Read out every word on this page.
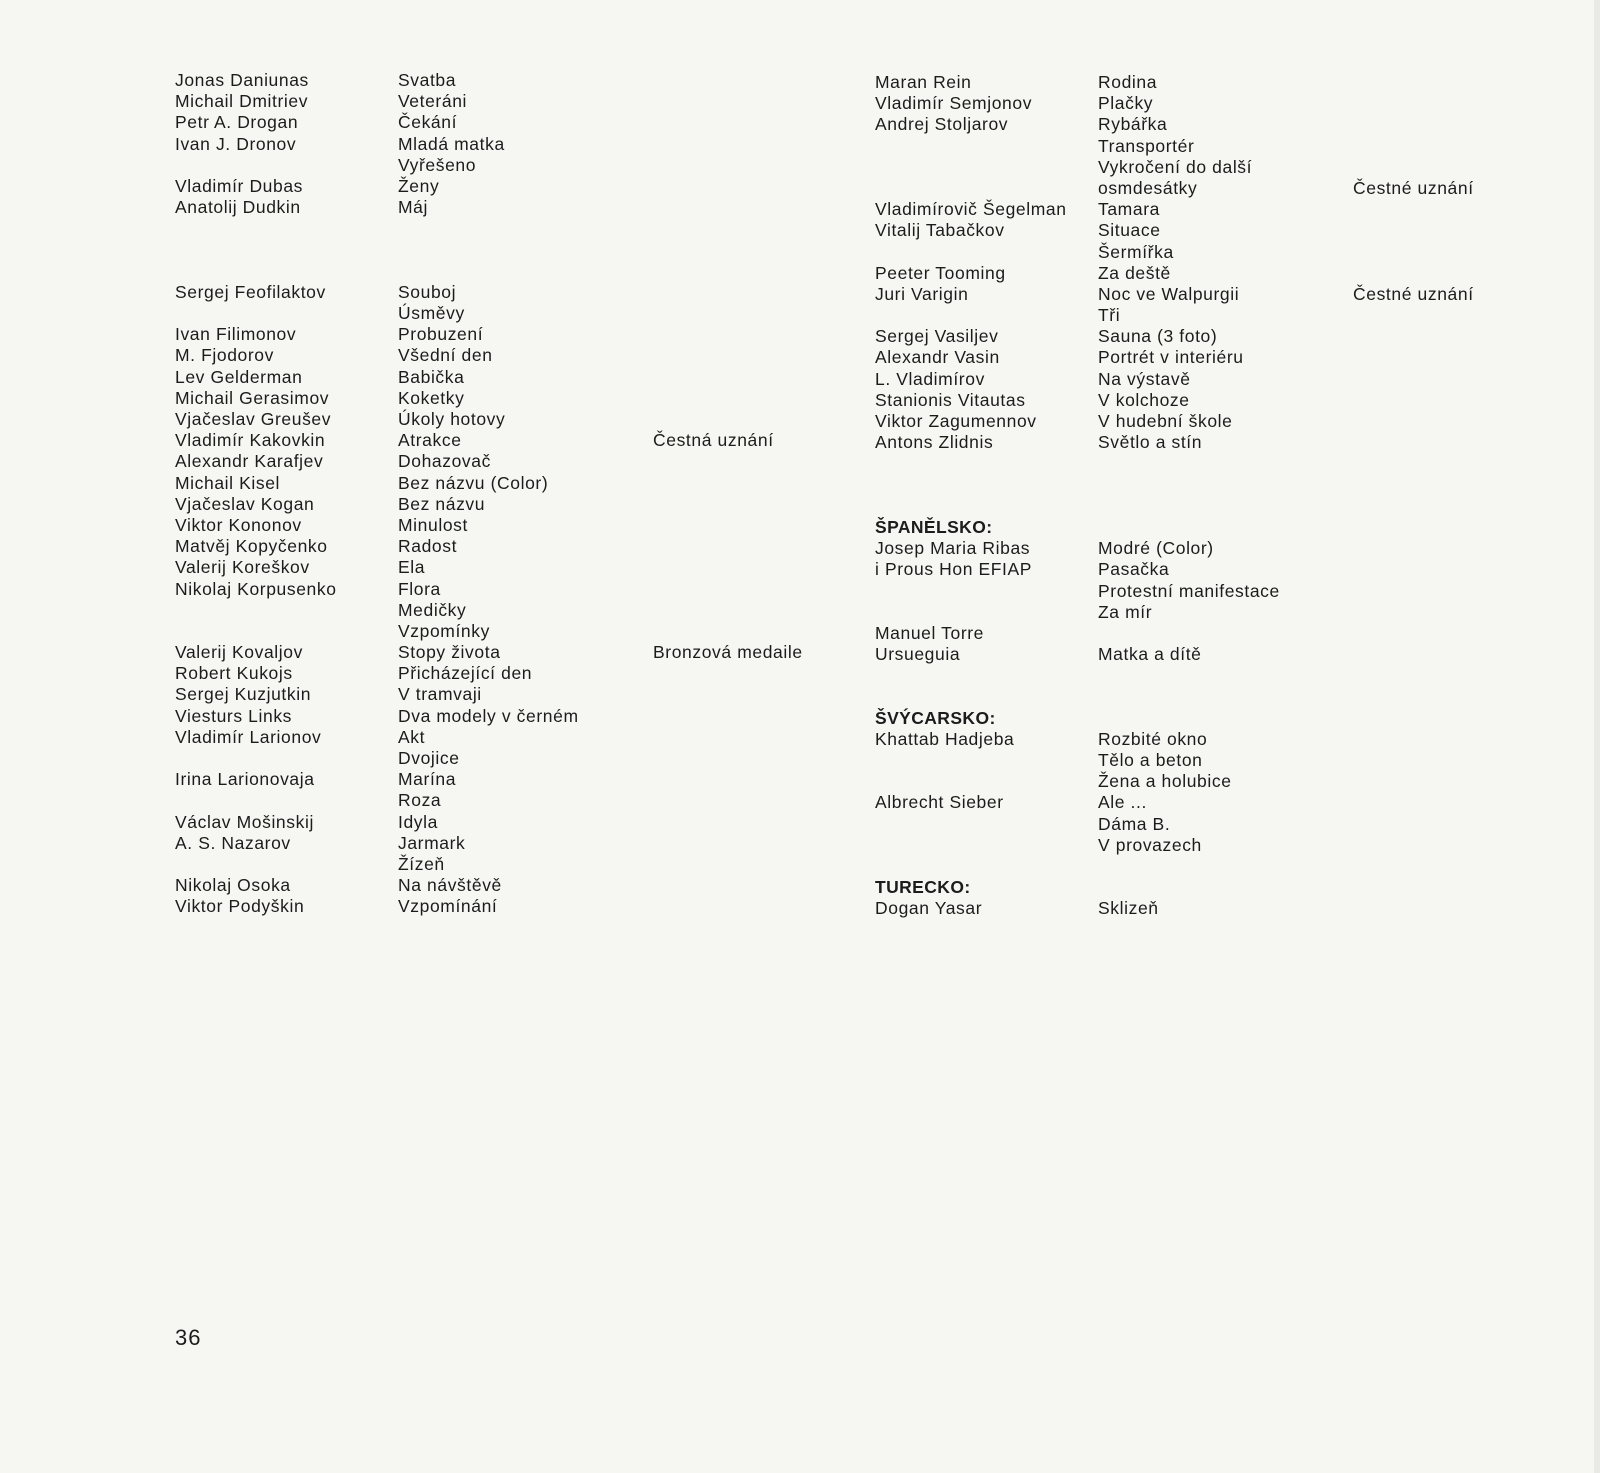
Jonas Daniunas
Michail Dmitriev
Petr A. Drogan
Ivan J. Dronov
Vladimír Dubas
Anatolij Dudkin
Sergej Feofilaktov
Ivan Filimonov
M. Fjodorov
Lev Gelderman
Michail Gerasimov
Vjačeslav Greušev
Vladimír Kakovkin
Alexandr Karafjev
Michail Kisel
Vjačeslav Kogan
Viktor Kononov
Matvěj Kopyčenko
Valerij Koreškov
Nikolaj Korpusenko
Valerij Kovaljov
Robert Kukojs
Sergej Kuzjutkin
Viesturs Links
Vladimír Larionov
Irina Larionovaja
Václav Mošinskij
A. S. Nazarov
Nikolaj Osoka
Viktor Podyškin
Svatba
Veteráni
Čekání
Mladá matka
Vyřešeno
Ženy
Máj
Souboj
Úsměvy
Probuzení
Všední den
Babička
Koketky
Úkoly hotovy
Atrakce
Dohazovač
Bez názvu (Color)
Bez názvu
Minulost
Radost
Ela
Flora
Medičky
Vzpomínky
Stopy života
Přicházející den
V tramvaji
Dva modely v černém
Akt
Dvojice
Marína
Roza
Idyla
Jarmark
Žízeň
Na návštěvě
Vzpomínání
Čestná uznání
Bronzová medaile
Maran Rein
Vladimír Semjonov
Andrej Stoljarov
Vladimírovič Šegelman
Vitalij Tabačkov
Peeter Tooming
Juri Varigin
Sergej Vasiljev
Alexandr Vasin
L. Vladimírov
Stanionis Vitautas
Viktor Zagumennov
Antons Zlidnis
ŠPANĚLSKO:
Josep Maria Ribas
i Prous Hon EFIAP
Manuel Torre
Ursueguia
ŠVÝCARSKO:
Khattab Hadjeba
Albrecht Sieber
TURECKO:
Dogan Yasar
Rodina
Plačky
Rybářka
Transportér
Vykročení do další
osmdesátky
Tamara
Situace
Šermířka
Za deště
Noc ve Walpurgii
Tři
Sauna (3 foto)
Portrét v interiéru
Na výstavě
V kolchoze
V hudební škole
Světlo a stín
Modré (Color)
Pasačka
Protestní manifestace
Za mír
Matka a dítě
Rozbité okno
Tělo a beton
Žena a holubice
Ale ...
Dáma B.
V provazech
Sklizeň
Čestné uznání
Čestné uznání
36
